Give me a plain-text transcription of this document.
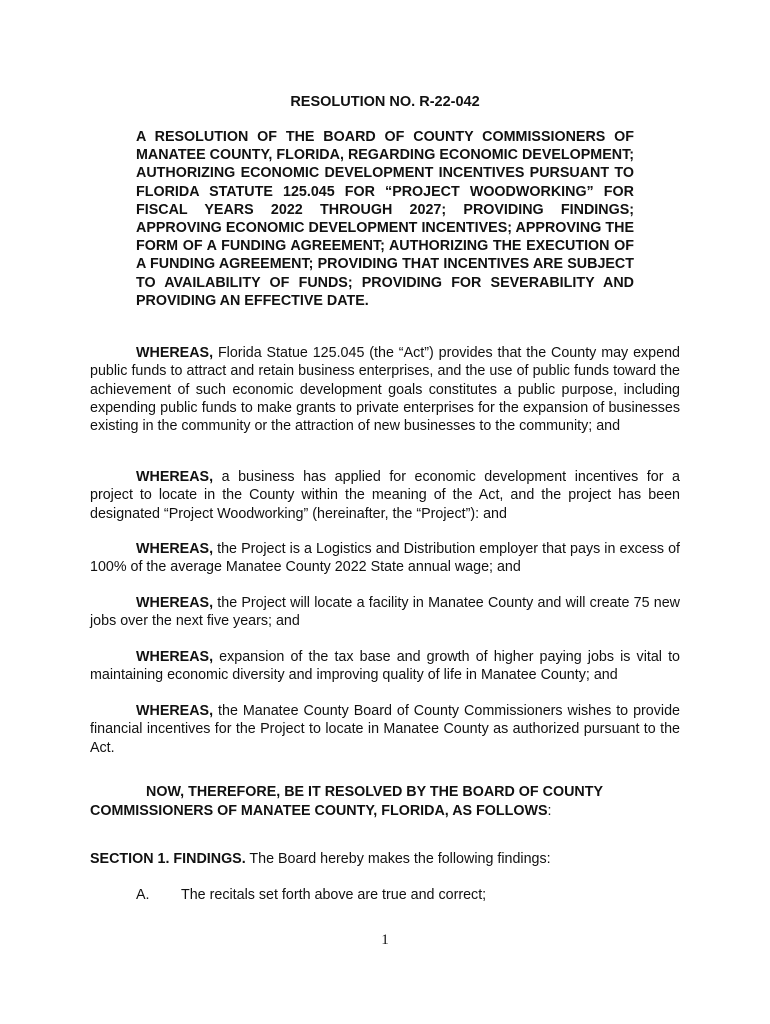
RESOLUTION NO. R-22-042
A RESOLUTION OF THE BOARD OF COUNTY COMMISSIONERS OF MANATEE COUNTY, FLORIDA, REGARDING ECONOMIC DEVELOPMENT; AUTHORIZING ECONOMIC DEVELOPMENT INCENTIVES PURSUANT TO FLORIDA STATUTE 125.045 FOR “PROJECT WOODWORKING” FOR FISCAL YEARS 2022 THROUGH 2027; PROVIDING FINDINGS; APPROVING ECONOMIC DEVELOPMENT INCENTIVES; APPROVING THE FORM OF A FUNDING AGREEMENT; AUTHORIZING THE EXECUTION OF A FUNDING AGREEMENT; PROVIDING THAT INCENTIVES ARE SUBJECT TO AVAILABILITY OF FUNDS; PROVIDING FOR SEVERABILITY AND PROVIDING AN EFFECTIVE DATE.
WHEREAS, Florida Statue 125.045 (the “Act”) provides that the County may expend public funds to attract and retain business enterprises, and the use of public funds toward the achievement of such economic development goals constitutes a public purpose, including expending public funds to make grants to private enterprises for the expansion of businesses existing in the community or the attraction of new businesses to the community; and
WHEREAS, a business has applied for economic development incentives for a project to locate in the County within the meaning of the Act, and the project has been designated “Project Woodworking” (hereinafter, the “Project”): and
WHEREAS, the Project is a Logistics and Distribution employer that pays in excess of 100% of the average Manatee County 2022 State annual wage; and
WHEREAS, the Project will locate a facility in Manatee County and will create 75 new jobs over the next five years; and
WHEREAS, expansion of the tax base and growth of higher paying jobs is vital to maintaining economic diversity and improving quality of life in Manatee County; and
WHEREAS, the Manatee County Board of County Commissioners wishes to provide financial incentives for the Project to locate in Manatee County as authorized pursuant to the Act.
NOW, THEREFORE, BE IT RESOLVED BY THE BOARD OF COUNTY COMMISSIONERS OF MANATEE COUNTY, FLORIDA, AS FOLLOWS:
SECTION 1. FINDINGS. The Board hereby makes the following findings:
A. The recitals set forth above are true and correct;
1
